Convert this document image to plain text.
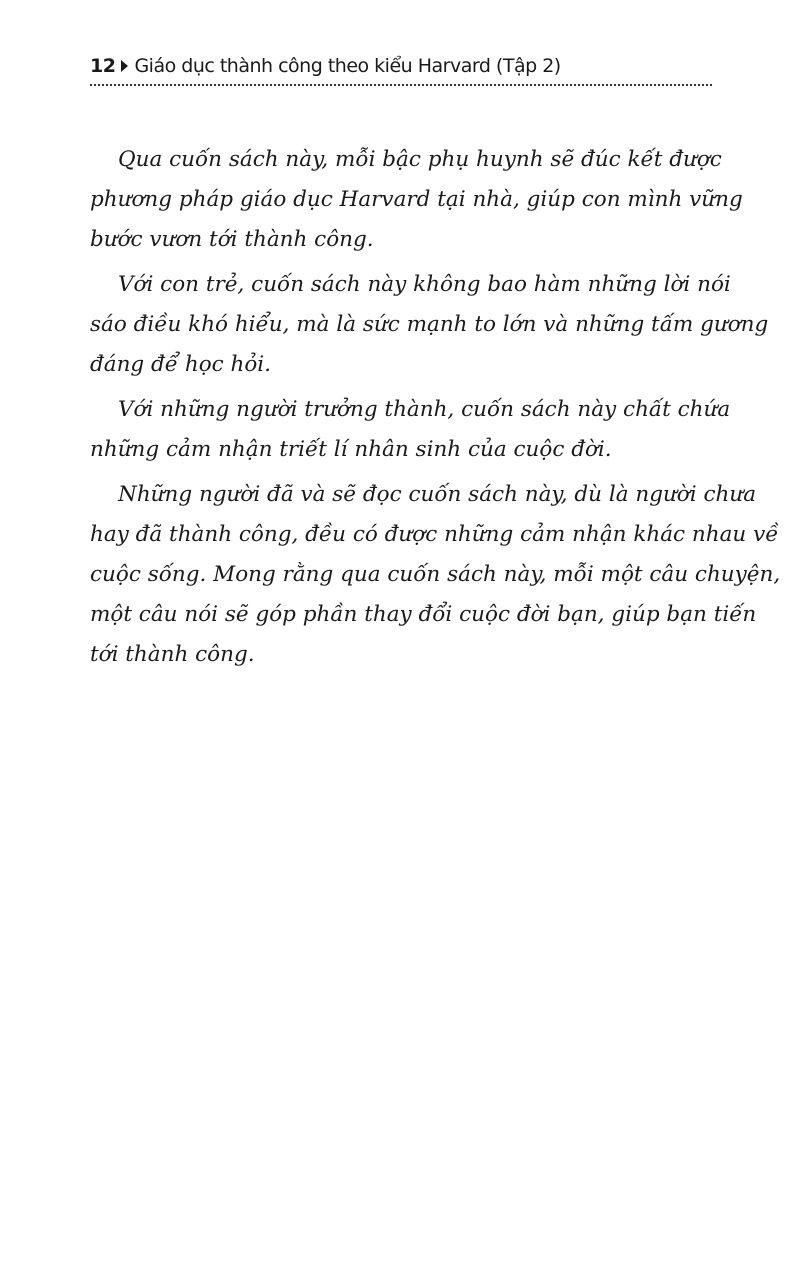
12 Giáo dục thành công theo kiểu Harvard (Tập 2)
Qua cuốn sách này, mỗi bậc phụ huynh sẽ đúc kết được
phương pháp giáo dục Harvard tại nhà, giúp con mình vững
bước vươn tới thành công.
Với con trẻ, cuốn sách này không bao hàm những lời nói
sáo điều khó hiểu, mà là sức mạnh to lớn và những tấm gương
đáng để học hỏi.
Với những người trưởng thành, cuốn sách này chất chứa
những cảm nhận triết lí nhân sinh của cuộc đời.
Những người đã và sẽ đọc cuốn sách này, dù là người chưa
hay đã thành công, đều có được những cảm nhận khác nhau về
cuộc sống. Mong rằng qua cuốn sách này, mỗi một câu chuyện,
một câu nói sẽ góp phần thay đổi cuộc đời bạn, giúp bạn tiến
tới thành công.
